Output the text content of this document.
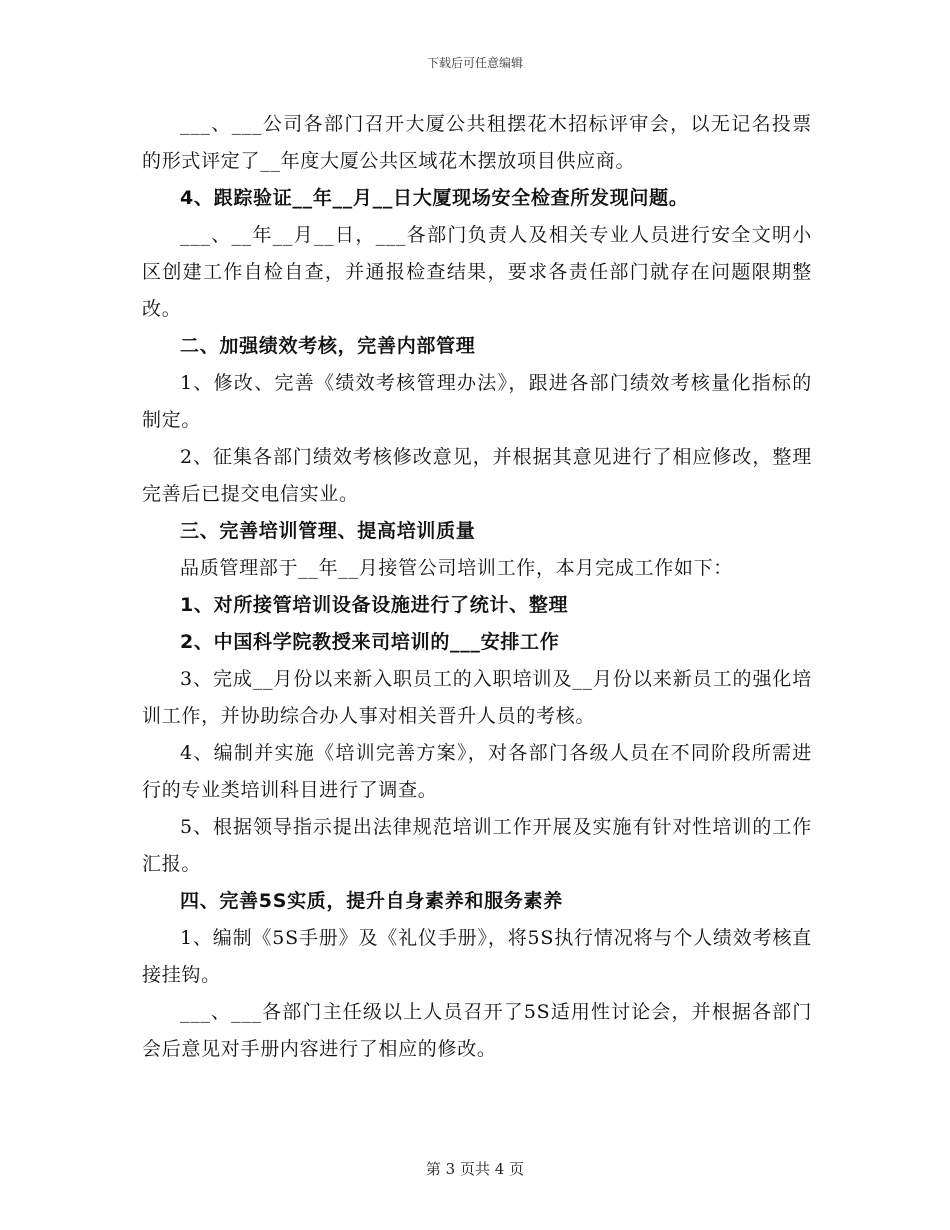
下载后可任意编辑

___、___公司各部门召开大厦公共租摆花木招标评审会，以无记名投票的形式评定了__年度大厦公共区域花木摆放项目供应商。

4、跟踪验证__年__月__日大厦现场安全检查所发现问题。

___、__年__月__日，___各部门负责人及相关专业人员进行安全文明小区创建工作自检自查，并通报检查结果，要求各责任部门就存在问题限期整改。

二、加强绩效考核，完善内部管理

1、修改、完善《绩效考核管理办法》，跟进各部门绩效考核量化指标的制定。

2、征集各部门绩效考核修改意见，并根据其意见进行了相应修改，整理完善后已提交电信实业。

三、完善培训管理、提高培训质量

品质管理部于__年__月接管公司培训工作，本月完成工作如下：

1、对所接管培训设备设施进行了统计、整理

2、中国科学院教授来司培训的___安排工作

3、完成__月份以来新入职员工的入职培训及__月份以来新员工的强化培训工作，并协助综合办人事对相关晋升人员的考核。

4、编制并实施《培训完善方案》，对各部门各级人员在不同阶段所需进行的专业类培训科目进行了调查。

5、根据领导指示提出法律规范培训工作开展及实施有针对性培训的工作汇报。

四、完善5S实质，提升自身素养和服务素养

1、编制《5S手册》及《礼仪手册》，将5S执行情况将与个人绩效考核直接挂钩。

___、___各部门主任级以上人员召开了5S适用性讨论会，并根据各部门会后意见对手册内容进行了相应的修改。

第 3 页共 4 页
